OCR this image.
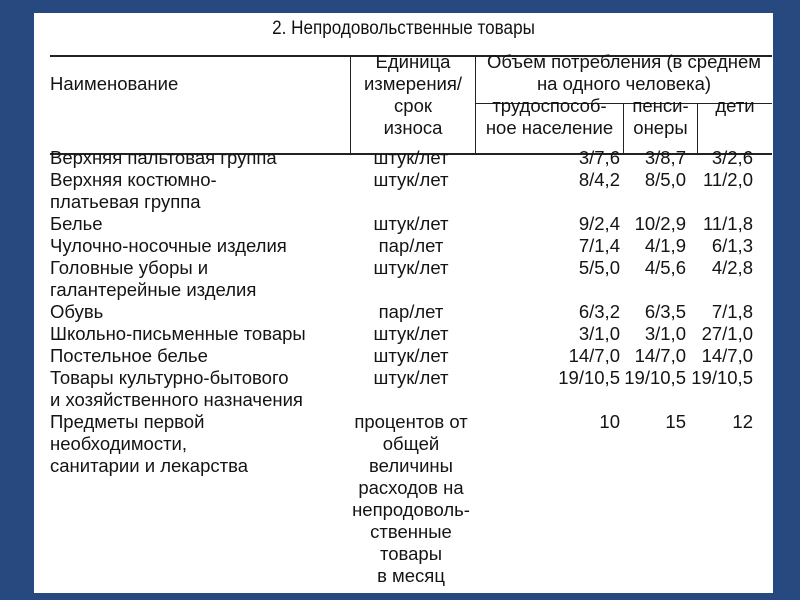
2. Непродовольственные товары
Наименование
Единица
измерения/
срок
износа
Объем потребления (в среднем
на одного человека)
трудоспособ-
ное население
пенси-
онеры
дети
Верхняя пальтовая группа	штук/лет	3/7,6 3/8,7 3/2,6
Верхняя костюмно-
платьевая группа
штук/лет	8/4,2 8/5,0 11/2,0
Белье	штук/лет	9/2,4 10/2,9 11/1,8
Чулочно-носочные изделия	пар/лет	7/1,4 4/1,9 6/1,3
Головные уборы и
галантерейные изделия
штук/лет	5/5,0 4/5,6 4/2,8
Обувь	пар/лет	6/3,2 6/3,5 7/1,8
Школьно-письменные товары	штук/лет	3/1,0 3/1,0 27/1,0
Постельное белье	штук/лет	14/7,0 14/7,0 14/7,0
Товары культурно-бытового
и хозяйственного назначения
штук/лет	19/10,5 19/10,5 19/10,5
Предметы первой
необходимости,
санитарии и лекарства
процентов от
общей
величины
расходов на
непродоволь-
ственные
товары
в месяц
10 15	12
